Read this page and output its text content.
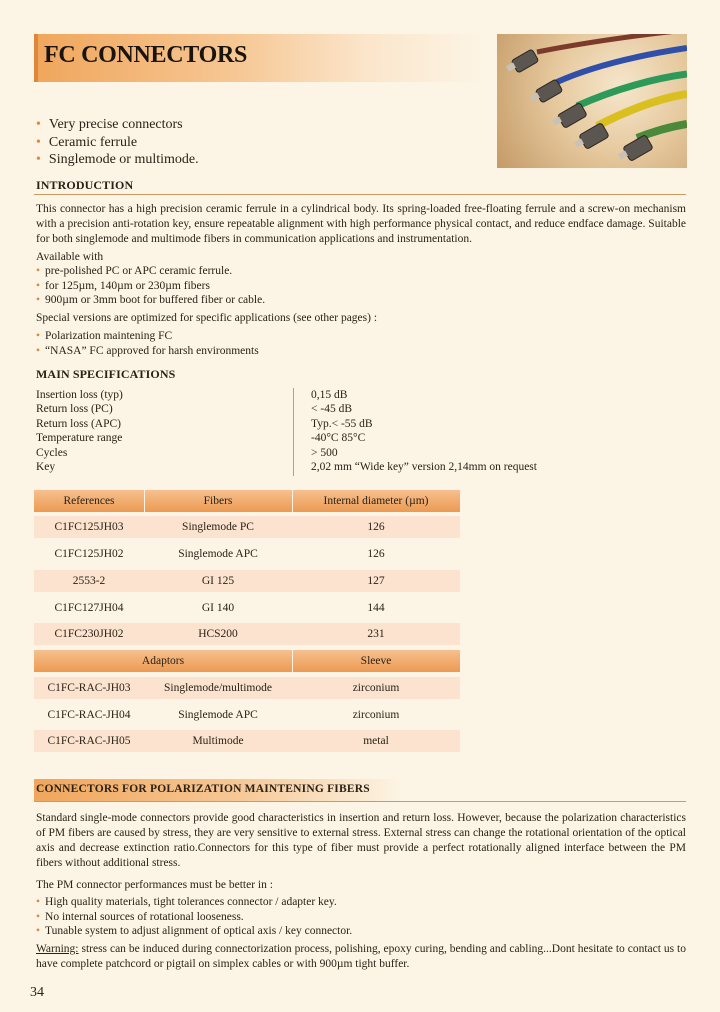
FC CONNECTORS
• Very precise connectors
• Ceramic ferrule
• Singlemode or multimode.
INTRODUCTION
This connector has a high precision ceramic ferrule in a cylindrical body. Its spring-loaded free-floating ferrule and a screw-on mechanism with a precision anti-rotation key, ensure repeatable alignment with high performance physical contact, and reduce endface damage. Suitable for both singlemode and multimode fibers in communication applications and instrumentation.
Available with
• pre-polished PC or APC ceramic ferrule.
• for 125µm, 140µm or 230µm fibers
• 900µm or 3mm boot for buffered fiber or cable.
Special versions are optimized for specific applications (see other pages) :
• Polarization maintening FC
• “NASA” FC approved for harsh environments
MAIN SPECIFICATIONS
Insertion loss (typ)	0,15 dB
Return loss (PC)	< -45 dB
Return loss (APC)	Typ.< -55 dB
Temperature range	-40°C 85°C
Cycles	> 500
Key	2,02 mm “Wide key” version 2,14mm on request
References	Fibers	Internal diameter (µm)
C1FC125JH03	Singlemode PC	126
C1FC125JH02	Singlemode APC	126
2553-2	GI 125	127
C1FC127JH04	GI 140	144
C1FC230JH02	HCS200	231
Adaptors	Sleeve
C1FC-RAC-JH03	Singlemode/multimode	zirconium
C1FC-RAC-JH04	Singlemode APC	zirconium
C1FC-RAC-JH05	Multimode	metal
CONNECTORS FOR POLARIZATION MAINTENING FIBERS
Standard single-mode connectors provide good characteristics in insertion and return loss. However, because the polarization characteristics of PM fibers are caused by stress, they are very sensitive to external stress. External stress can change the rotational orientation of the optical axis and decrease extinction ratio.Connectors for this type of fiber must provide a perfect rotationally aligned interface between the PM fibers without additional stress.
The PM connector performances must be better in :
• High quality materials, tight tolerances connector / adapter key.
• No internal sources of rotational looseness.
• Tunable system to adjust alignment of optical axis / key connector.
Warning: stress can be induced during connectorization process, polishing, epoxy curing, bending and cabling...Dont hesitate to contact us to have complete patchcord or pigtail on simplex cables or with 900µm tight buffer.
34
